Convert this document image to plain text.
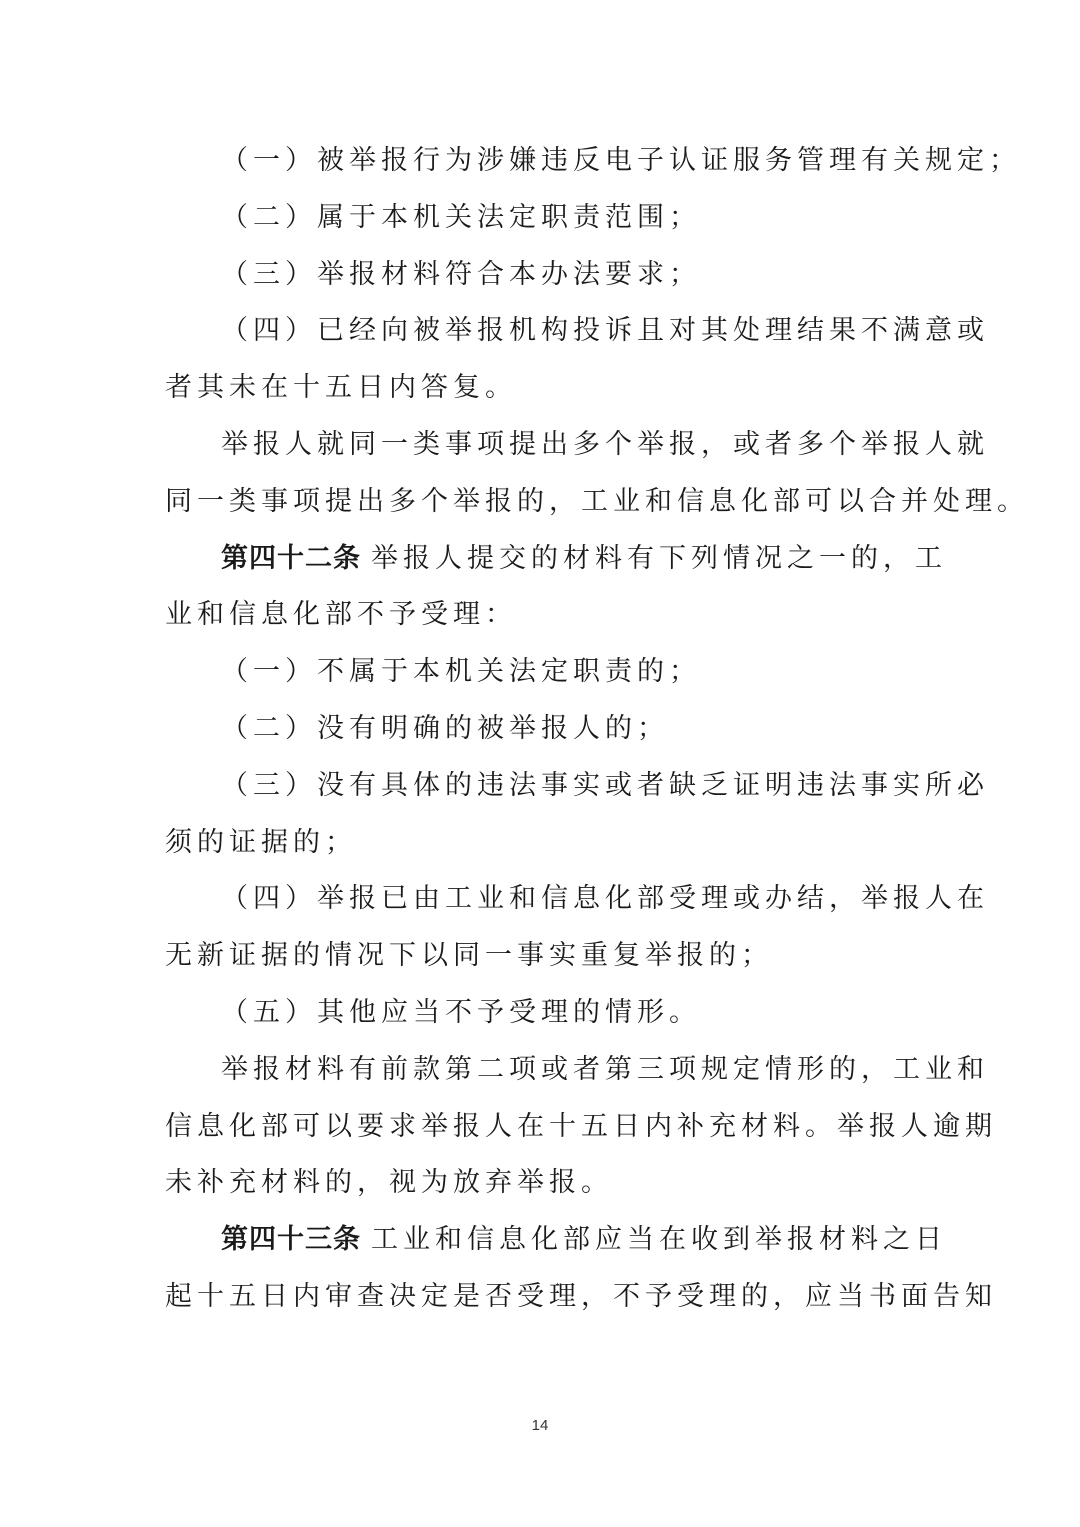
（一）被举报行为涉嫌违反电子认证服务管理有关规定；
（二）属于本机关法定职责范围；
（三）举报材料符合本办法要求；
（四）已经向被举报机构投诉且对其处理结果不满意或
者其未在十五日内答复。
举报人就同一类事项提出多个举报，或者多个举报人就
同一类事项提出多个举报的，工业和信息化部可以合并处理。
第四十二条 举报人提交的材料有下列情况之一的，工
业和信息化部不予受理：
（一）不属于本机关法定职责的；
（二）没有明确的被举报人的；
（三）没有具体的违法事实或者缺乏证明违法事实所必
须的证据的；
（四）举报已由工业和信息化部受理或办结，举报人在
无新证据的情况下以同一事实重复举报的；
（五）其他应当不予受理的情形。
举报材料有前款第二项或者第三项规定情形的，工业和
信息化部可以要求举报人在十五日内补充材料。举报人逾期
未补充材料的，视为放弃举报。
第四十三条 工业和信息化部应当在收到举报材料之日
起十五日内审查决定是否受理，不予受理的，应当书面告知
14
